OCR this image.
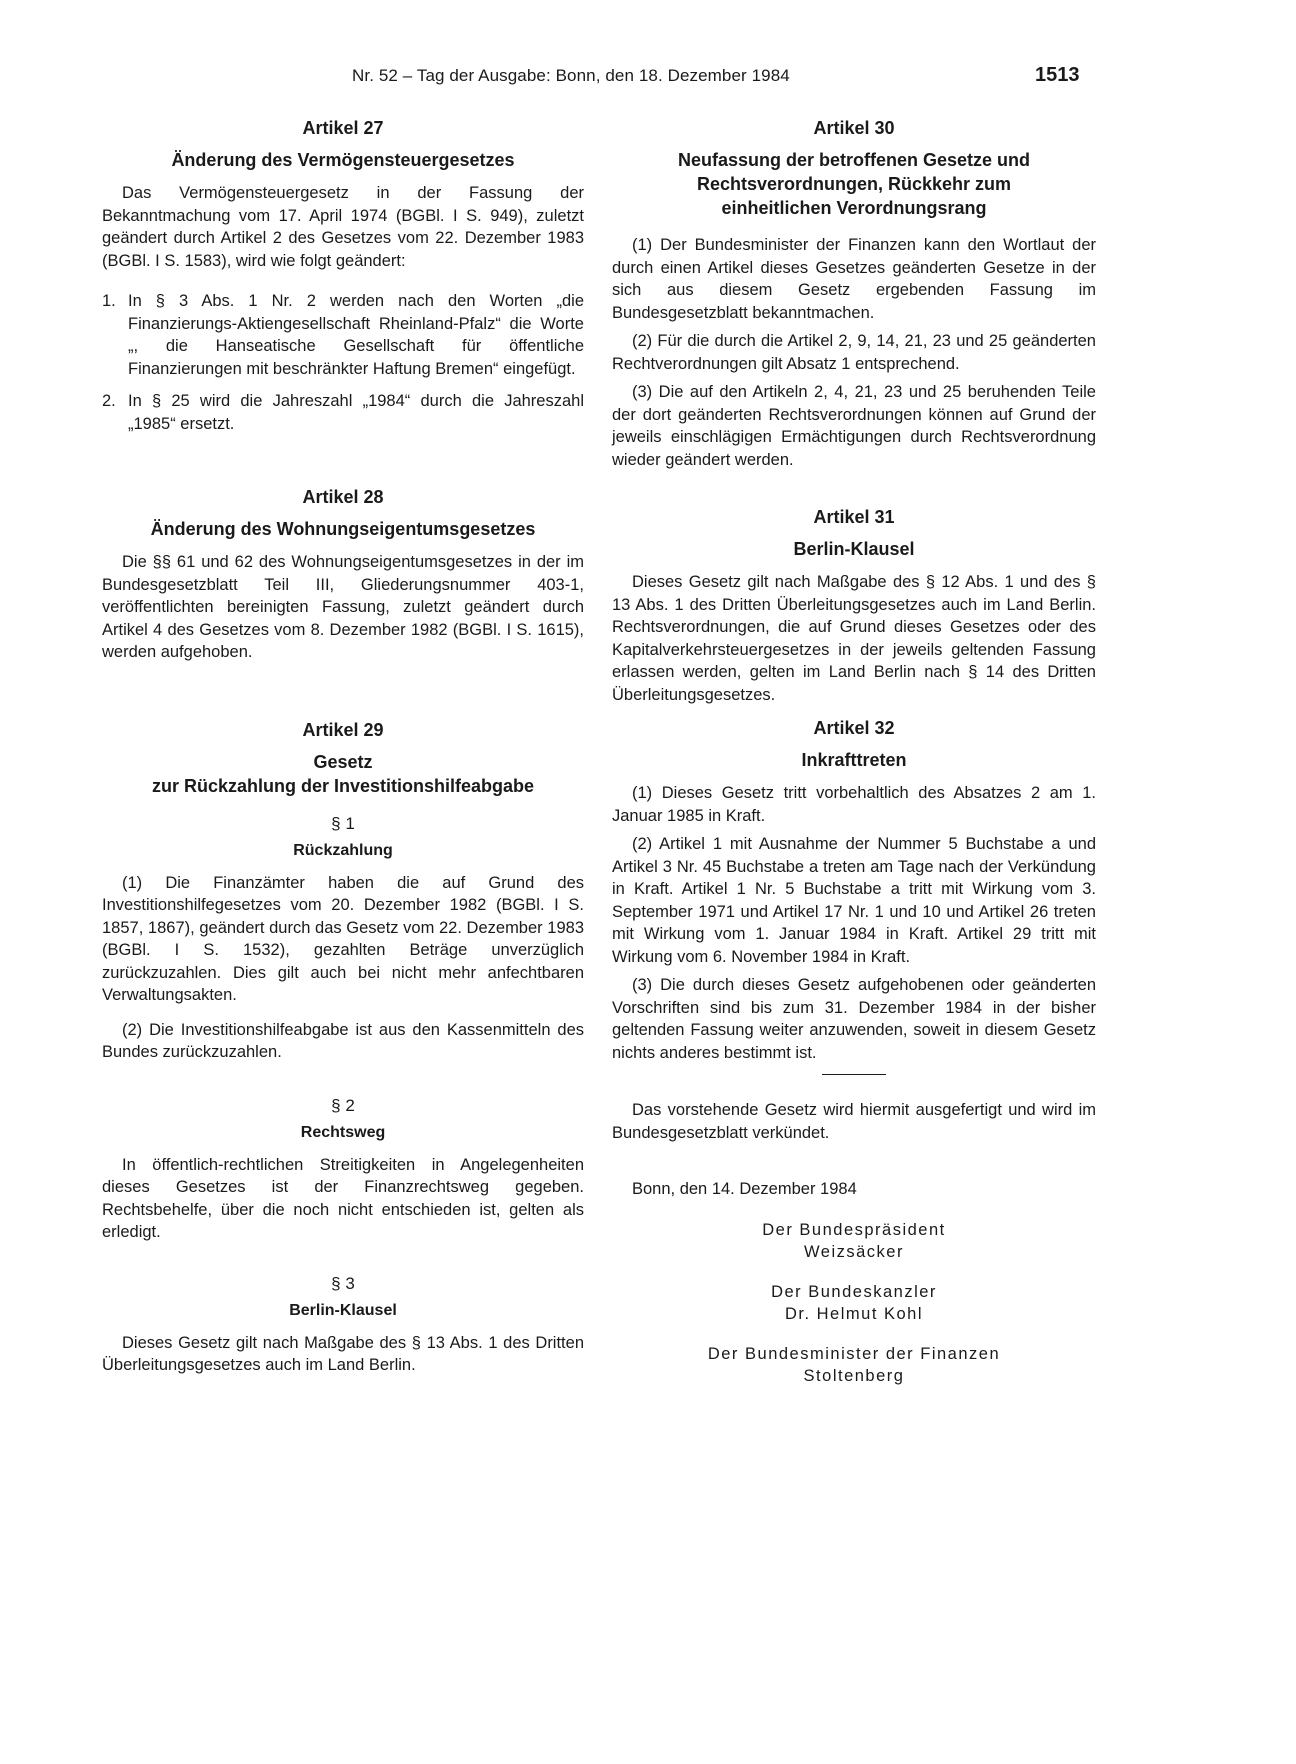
Nr. 52 – Tag der Ausgabe: Bonn, den 18. Dezember 1984	1513
Artikel 27
Änderung des Vermögensteuergesetzes

Das Vermögensteuergesetz in der Fassung der Bekanntmachung vom 17. April 1974 (BGBl. I S. 949), zuletzt geändert durch Artikel 2 des Gesetzes vom 22. Dezember 1983 (BGBl. I S. 1583), wird wie folgt geändert:

1. In § 3 Abs. 1 Nr. 2 werden nach den Worten „die Finanzierungs-Aktiengesellschaft Rheinland-Pfalz“ die Worte „, die Hanseatische Gesellschaft für öffentliche Finanzierungen mit beschränkter Haftung Bremen“ eingefügt.
2. In § 25 wird die Jahreszahl „1984“ durch die Jahreszahl „1985“ ersetzt.
Artikel 28
Änderung des Wohnungseigentumsgesetzes

Die §§ 61 und 62 des Wohnungseigentumsgesetzes in der im Bundesgesetzblatt Teil III, Gliederungsnummer 403-1, veröffentlichten bereinigten Fassung, zuletzt geändert durch Artikel 4 des Gesetzes vom 8. Dezember 1982 (BGBl. I S. 1615), werden aufgehoben.

Artikel 29
Gesetz
zur Rückzahlung der Investitionshilfeabgabe
§ 1
Rückzahlung

(1) Die Finanzämter haben die auf Grund des Investitionshilfegesetzes vom 20. Dezember 1982 (BGBl. I S. 1857, 1867), geändert durch das Gesetz vom 22. Dezember 1983 (BGBl. I S. 1532), gezahlten Beträge unverzüglich zurückzuzahlen. Dies gilt auch bei nicht mehr anfechtbaren Verwaltungsakten.

(2) Die Investitionshilfeabgabe ist aus den Kassenmitteln des Bundes zurückzuzahlen.

§ 2
Rechtsweg

In öffentlich-rechtlichen Streitigkeiten in Angelegenheiten dieses Gesetzes ist der Finanzrechtsweg gegeben. Rechtsbehelfe, über die noch nicht entschieden ist, gelten als erledigt.

§ 3
Berlin-Klausel

Dieses Gesetz gilt nach Maßgabe des § 13 Abs. 1 des Dritten Überleitungsgesetzes auch im Land Berlin.

Artikel 30
Neufassung der betroffenen Gesetze und Rechtsverordnungen, Rückkehr zum einheitlichen Verordnungsrang

(1) Der Bundesminister der Finanzen kann den Wortlaut der durch einen Artikel dieses Gesetzes geänderten Gesetze in der sich aus diesem Gesetz ergebenden Fassung im Bundesgesetzblatt bekanntmachen.

(2) Für die durch die Artikel 2, 9, 14, 21, 23 und 25 geänderten Rechtverordnungen gilt Absatz 1 entsprechend.

(3) Die auf den Artikeln 2, 4, 21, 23 und 25 beruhenden Teile der dort geänderten Rechtsverordnungen können auf Grund der jeweils einschlägigen Ermächtigungen durch Rechtsverordnung wieder geändert werden.

Artikel 31
Berlin-Klausel

Dieses Gesetz gilt nach Maßgabe des § 12 Abs. 1 und des § 13 Abs. 1 des Dritten Überleitungsgesetzes auch im Land Berlin. Rechtsverordnungen, die auf Grund dieses Gesetzes oder des Kapitalverkehrsteuergesetzes in der jeweils geltenden Fassung erlassen werden, gelten im Land Berlin nach § 14 des Dritten Überleitungsgesetzes.

Artikel 32
Inkrafttreten

(1) Dieses Gesetz tritt vorbehaltlich des Absatzes 2 am 1. Januar 1985 in Kraft.

(2) Artikel 1 mit Ausnahme der Nummer 5 Buchstabe a und Artikel 3 Nr. 45 Buchstabe a treten am Tage nach der Verkündung in Kraft. Artikel 1 Nr. 5 Buchstabe a tritt mit Wirkung vom 3. September 1971 und Artikel 17 Nr. 1 und 10 und Artikel 26 treten mit Wirkung vom 1. Januar 1984 in Kraft. Artikel 29 tritt mit Wirkung vom 6. November 1984 in Kraft.

(3) Die durch dieses Gesetz aufgehobenen oder geänderten Vorschriften sind bis zum 31. Dezember 1984 in der bisher geltenden Fassung weiter anzuwenden, soweit in diesem Gesetz nichts anderes bestimmt ist.

Das vorstehende Gesetz wird hiermit ausgefertigt und wird im Bundesgesetzblatt verkündet.

Bonn, den 14. Dezember 1984
Der Bundespräsident
Weizsäcker
Der Bundeskanzler
Dr. Helmut Kohl
Der Bundesminister der Finanzen
Stoltenberg
